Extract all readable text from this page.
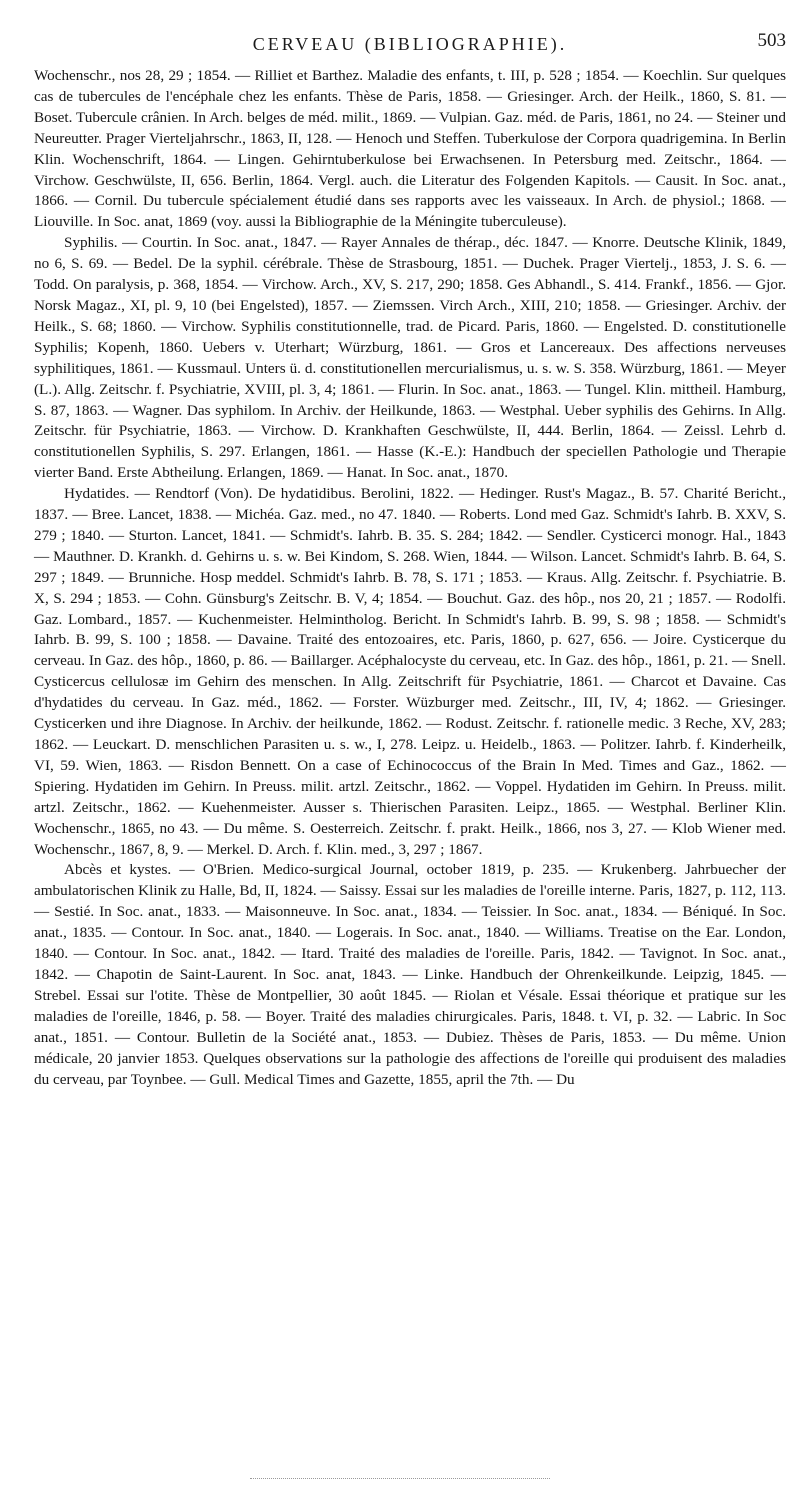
CERVEAU (BIBLIOGRAPHIE).	503

Wochenschr., nos 28, 29 ; 1854. — Rilliet et Barthez. Maladie des enfants, t. III, p. 528 ; 1854. — Koechlin. Sur quelques cas de tubercules de l'encéphale chez les enfants. Thèse de Paris, 1858. — Griesinger. Arch. der Heilk., 1860, S. 81. — Boset. Tubercule crânien. In Arch. belges de méd. milit., 1869. — Vulpian. Gaz. méd. de Paris, 1861, no 24. — Steiner und Neureutter. Prager Vierteljahrschr., 1863, II, 128. — Henoch und Steffen. Tuberkulose der Corpora quadrigemina. In Berlin Klin. Wochenschrift, 1864. — Lingen. Gehirntuberkulose bei Erwachsenen. In Petersburg med. Zeitschr., 1864. — Virchow. Geschwülste, II, 656. Berlin, 1864. Vergl. auch. die Literatur des Folgenden Kapitols. — Causit. In Soc. anat., 1866. — Cornil. Du tubercule spécialement étudié dans ses rapports avec les vaisseaux. In Arch. de physiol.; 1868. — Liouville. In Soc. anat, 1869 (voy. aussi la Bibliographie de la Méningite tuberculeuse).

Syphilis. — Courtin. In Soc. anat., 1847. — Rayer Annales de thérap., déc. 1847. — Knorre. Deutsche Klinik, 1849, no 6, S. 69. — Bedel. De la syphil. cérébrale. Thèse de Strasbourg, 1851. — Duchek. Prager Viertelj., 1853, J. S. 6. — Todd. On paralysis, p. 368, 1854. — Virchow. Arch., XV, S. 217, 290; 1858. Ges Abhandl., S. 414. Frankf., 1856. — Gjor. Norsk Magaz., XI, pl. 9, 10 (bei Engelsted), 1857. — Ziemssen. Virch Arch., XIII, 210; 1858. — Griesinger. Archiv. der Heilk., S. 68; 1860. — Virchow. Syphilis constitutionnelle, trad. de Picard. Paris, 1860. — Engelsted. D. constitutionelle Syphilis; Kopenh, 1860. Uebers v. Uterhart; Würzburg, 1861. — Gros et Lancereaux. Des affections nerveuses syphilitiques, 1861. — Kussmaul. Unters ü. d. constitutionellen mercurialismus, u. s. w. S. 358. Würzburg, 1861. — Meyer (L.). Allg. Zeitschr. f. Psychiatrie, XVIII, pl. 3, 4; 1861. — Flurin. In Soc. anat., 1863. — Tungel. Klin. mittheil. Hamburg, S. 87, 1863. — Wagner. Das syphilom. In Archiv. der Heilkunde, 1863. — Westphal. Ueber syphilis des Gehirns. In Allg. Zeitschr. für Psychiatrie, 1863. — Virchow. D. Krankhaften Geschwülste, II, 444. Berlin, 1864. — Zeissl. Lehrb d. constitutionellen Syphilis, S. 297. Erlangen, 1861. — Hasse (K.-E.): Handbuch der speciellen Pathologie und Therapie vierter Band. Erste Abtheilung. Erlangen, 1869. — Hanat. In Soc. anat., 1870.

Hydatides. — Rendtorf (Von). De hydatidibus. Berolini, 1822. — Hedinger. Rust's Magaz., B. 57. Charité Bericht., 1837. — Bree. Lancet, 1838. — Michéa. Gaz. med., no 47. 1840. — Roberts. Lond med Gaz. Schmidt's Iahrb. B. XXV, S. 279 ; 1840. — Sturton. Lancet, 1841. — Schmidt's. Iahrb. B. 35. S. 284; 1842. — Sendler. Cysticerci monogr. Hal., 1843 — Mauthner. D. Krankh. d. Gehirns u. s. w. Bei Kindom, S. 268. Wien, 1844. — Wilson. Lancet. Schmidt's Iahrb. B. 64, S. 297 ; 1849. — Brunniche. Hosp meddel. Schmidt's Iahrb. B. 78, S. 171 ; 1853. — Kraus. Allg. Zeitschr. f. Psychiatrie. B. X, S. 294 ; 1853. — Cohn. Günsburg's Zeitschr. B. V, 4; 1854. — Bouchut. Gaz. des hôp., nos 20, 21 ; 1857. — Rodolfi. Gaz. Lombard., 1857. — Kuchenmeister. Helmintholog. Bericht. In Schmidt's Iahrb. B. 99, S. 98 ; 1858. — Schmidt's Iahrb. B. 99, S. 100 ; 1858. — Davaine. Traité des entozoaires, etc. Paris, 1860, p. 627, 656. — Joire. Cysticerque du cerveau. In Gaz. des hôp., 1860, p. 86. — Baillarger. Acéphalocyste du cerveau, etc. In Gaz. des hôp., 1861, p. 21. — Snell. Cysticercus cellulosæ im Gehirn des menschen. In Allg. Zeitschrift für Psychiatrie, 1861. — Charcot et Davaine. Cas d'hydatides du cerveau. In Gaz. méd., 1862. — Forster. Wüzburger med. Zeitschr., III, IV, 4; 1862. — Griesinger. Cysticerken und ihre Diagnose. In Archiv. der heilkunde, 1862. — Rodust. Zeitschr. f. rationelle medic. 3 Reche, XV, 283; 1862. — Leuckart. D. menschlichen Parasiten u. s. w., I, 278. Leipz. u. Heidelb., 1863. — Politzer. Iahrb. f. Kinderheilk, VI, 59. Wien, 1863. — Risdon Bennett. On a case of Echinococcus of the Brain In Med. Times and Gaz., 1862. — Spiering. Hydatiden im Gehirn. In Preuss. milit. artzl. Zeitschr., 1862. — Voppel. Hydatiden im Gehirn. In Preuss. milit. artzl. Zeitschr., 1862. — Kuehenmeister. Ausser s. Thierischen Parasiten. Leipz., 1865. — Westphal. Berliner Klin. Wochenschr., 1865, no 43. — Du même. S. Oesterreich. Zeitschr. f. prakt. Heilk., 1866, nos 3, 27. — Klob Wiener med. Wochenschr., 1867, 8, 9. — Merkel. D. Arch. f. Klin. med., 3, 297 ; 1867.

Abcès et kystes. — O'Brien. Medico-surgical Journal, october 1819, p. 235. — Krukenberg. Jahrbuecher der ambulatorischen Klinik zu Halle, Bd, II, 1824. — Saissy. Essai sur les maladies de l'oreille interne. Paris, 1827, p. 112, 113. — Sestié. In Soc. anat., 1833. — Maisonneuve. In Soc. anat., 1834. — Teissier. In Soc. anat., 1834. — Béniqué. In Soc. anat., 1835. — Contour. In Soc. anat., 1840. — Logerais. In Soc. anat., 1840. — Williams. Treatise on the Ear. London, 1840. — Contour. In Soc. anat., 1842. — Itard. Traité des maladies de l'oreille. Paris, 1842. — Tavignot. In Soc. anat., 1842. — Chapotin de Saint-Laurent. In Soc. anat, 1843. — Linke. Handbuch der Ohrenkeilkunde. Leipzig, 1845. — Strebel. Essai sur l'otite. Thèse de Montpellier, 30 août 1845. — Riolan et Vésale. Essai théorique et pratique sur les maladies de l'oreille, 1846, p. 58. — Boyer. Traité des maladies chirurgicales. Paris, 1848. t. VI, p. 32. — Labric. In Soc anat., 1851. — Contour. Bulletin de la Société anat., 1853. — Dubiez. Thèses de Paris, 1853. — Du même. Union médicale, 20 janvier 1853. Quelques observations sur la pathologie des affections de l'oreille qui produisent des maladies du cerveau, par Toynbee. — Gull. Medical Times and Gazette, 1855, april the 7th. — Du
